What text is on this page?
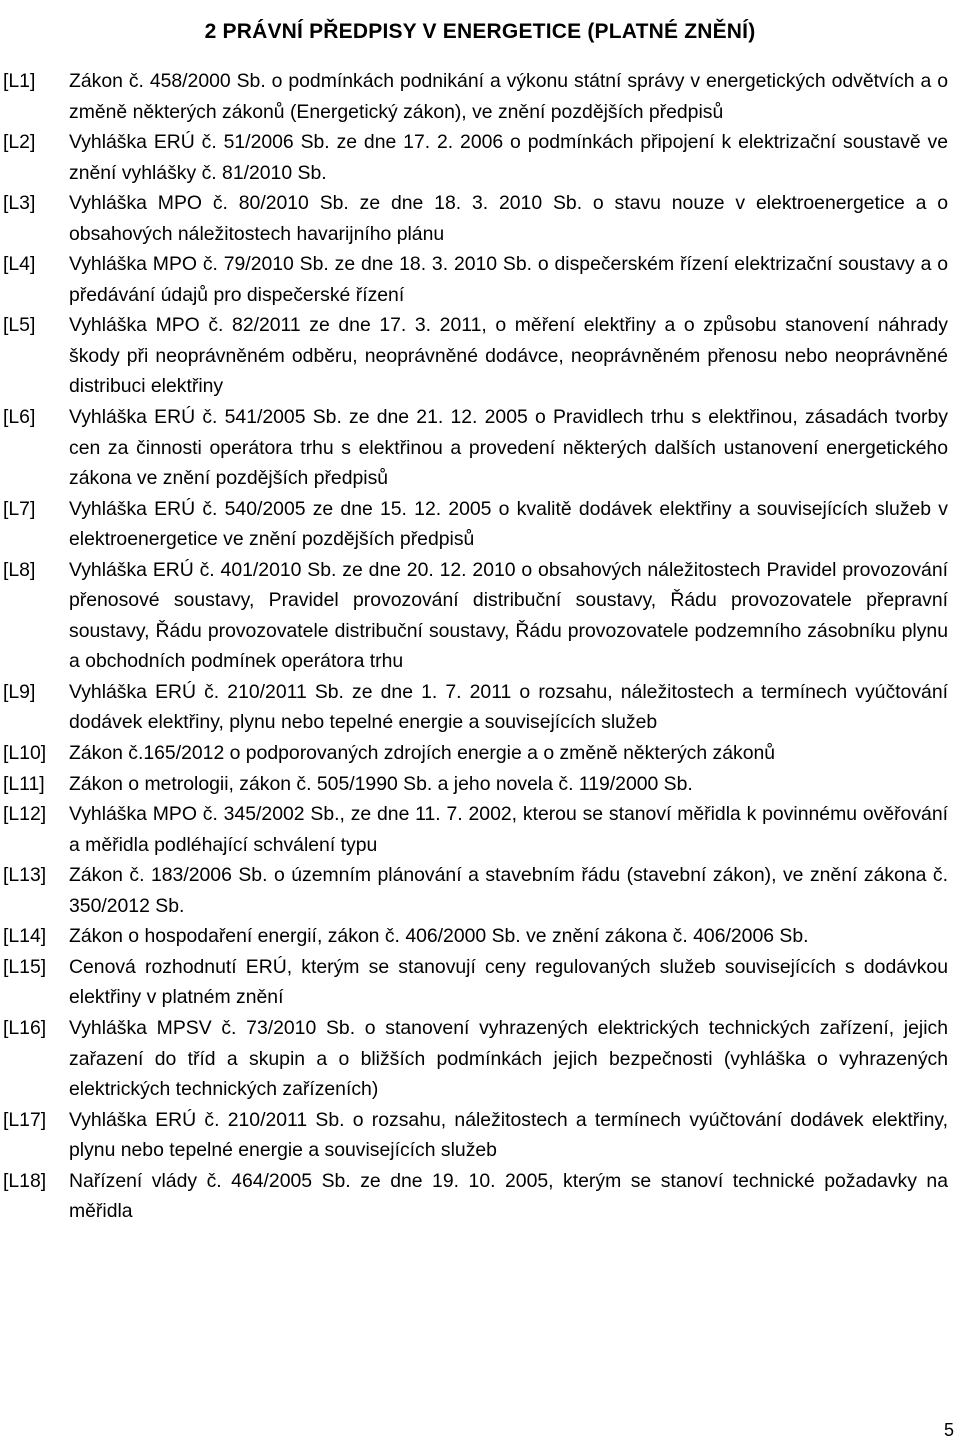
2 PRÁVNÍ PŘEDPISY V ENERGETICE (PLATNÉ ZNĚNÍ)
[L1] Zákon č. 458/2000 Sb. o podmínkách podnikání a výkonu státní správy v energetických odvětvích a o změně některých zákonů (Energetický zákon), ve znění pozdějších předpisů
[L2] Vyhláška ERÚ č. 51/2006 Sb. ze dne 17. 2. 2006 o podmínkách připojení k elektrizační soustavě ve znění vyhlášky č. 81/2010 Sb.
[L3] Vyhláška MPO č. 80/2010 Sb. ze dne 18. 3. 2010 Sb. o stavu nouze v elektroenergetice a o obsahových náležitostech havarijního plánu
[L4] Vyhláška MPO č. 79/2010 Sb. ze dne 18. 3. 2010 Sb. o dispečerském řízení elektrizační soustavy a o předávání údajů pro dispečerské řízení
[L5] Vyhláška MPO č. 82/2011 ze dne 17. 3. 2011, o měření elektřiny a o způsobu stanovení náhrady škody při neoprávněném odběru, neoprávněné dodávce, neoprávněném přenosu nebo neoprávněné distribuci elektřiny
[L6] Vyhláška ERÚ č. 541/2005 Sb. ze dne 21. 12. 2005 o Pravidlech trhu s elektřinou, zásadách tvorby cen za činnosti operátora trhu s elektřinou a provedení některých dalších ustanovení energetického zákona ve znění pozdějších předpisů
[L7] Vyhláška ERÚ č. 540/2005 ze dne 15. 12. 2005 o kvalitě dodávek elektřiny a souvisejících služeb v elektroenergetice ve znění pozdějších předpisů
[L8] Vyhláška ERÚ č. 401/2010 Sb. ze dne 20. 12. 2010 o obsahových náležitostech Pravidel provozování přenosové soustavy, Pravidel provozování distribuční soustavy, Řádu provozovatele přepravní soustavy, Řádu provozovatele distribuční soustavy, Řádu provozovatele podzemního zásobníku plynu a obchodních podmínek operátora trhu
[L9] Vyhláška ERÚ č. 210/2011 Sb. ze dne 1. 7. 2011 o rozsahu, náležitostech a termínech vyúčtování dodávek elektřiny, plynu nebo tepelné energie a souvisejících služeb
[L10] Zákon č.165/2012 o podporovaných zdrojích energie a o změně některých zákonů
[L11] Zákon o metrologii, zákon č. 505/1990 Sb. a jeho novela č. 119/2000 Sb.
[L12] Vyhláška MPO č. 345/2002 Sb., ze dne 11. 7. 2002, kterou se stanoví měřidla k povinnému ověřování a měřidla podléhající schválení typu
[L13] Zákon č. 183/2006 Sb. o územním plánování a stavebním řádu (stavební zákon), ve znění zákona č. 350/2012 Sb.
[L14] Zákon o hospodaření energií, zákon č. 406/2000 Sb. ve znění zákona č. 406/2006 Sb.
[L15] Cenová rozhodnutí ERÚ, kterým se stanovují ceny regulovaných služeb souvisejících s dodávkou elektřiny v platném znění
[L16] Vyhláška MPSV č. 73/2010 Sb. o stanovení vyhrazených elektrických technických zařízení, jejich zařazení do tříd a skupin a o bližších podmínkách jejich bezpečnosti (vyhláška o vyhrazených elektrických technických zařízeních)
[L17] Vyhláška ERÚ č. 210/2011 Sb. o rozsahu, náležitostech a termínech vyúčtování dodávek elektřiny, plynu nebo tepelné energie a souvisejících služeb
[L18] Nařízení vlády č. 464/2005 Sb. ze dne 19. 10. 2005, kterým se stanoví technické požadavky na měřidla
5
